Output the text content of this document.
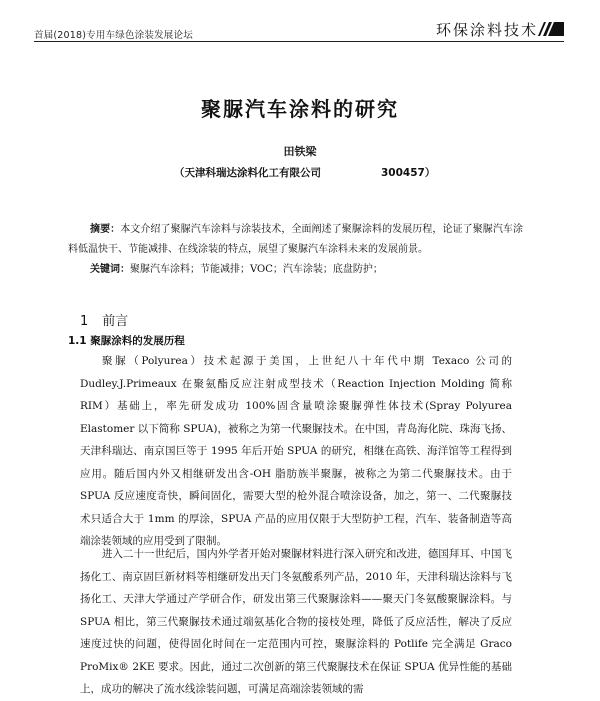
首届(2018)专用车绿色涂装发展论坛	环保涂料技术
聚脲汽车涂料的研究
田铁梁
（天津科瑞达涂料化工有限公司	300457）
摘要：本文介绍了聚脲汽车涂料与涂装技术，全面阐述了聚脲涂料的发展历程，论证了聚脲汽车涂料低温快干、节能减排、在线涂装的特点，展望了聚脲汽车涂料未来的发展前景。
关键词：聚脲汽车涂料；节能减排；VOC；汽车涂装；底盘防护；
1 前言
1.1 聚脲涂料的发展历程
聚脲（Polyurea）技术起源于美国，上世纪八十年代中期 Texaco 公司的 Dudley.J.Primeaux 在聚氨酯反应注射成型技术（Reaction Injection Molding 简称 RIM）基础上，率先研发成功 100%固含量喷涂聚脲弹性体技术(Spray Polyurea Elastomer 以下简称 SPUA)，被称之为第一代聚脲技术。在中国，青岛海化院、珠海飞扬、天津科瑞达、南京国巨等于 1995 年后开始 SPUA 的研究，相继在高铁、海洋馆等工程得到应用。随后国内外又相继研发出含-OH 脂肪族半聚脲，被称之为第二代聚脲技术。由于 SPUA 反应速度奇快，瞬间固化，需要大型的枪外混合喷涂设备，加之，第一、二代聚脲技术只适合大于 1mm 的厚涂，SPUA 产品的应用仅限于大型防护工程，汽车、装备制造等高端涂装领域的应用受到了限制。
进入二十一世纪后，国内外学者开始对聚脲材料进行深入研究和改进，德国拜耳、中国飞扬化工、南京固巨新材料等相继研发出天门冬氨酸系列产品，2010 年，天津科瑞达涂料与飞扬化工、天津大学通过产学研合作，研发出第三代聚脲涂料——聚天门冬氨酸聚脲涂料。与 SPUA 相比，第三代聚脲技术通过端氨基化合物的接枝处理，降低了反应活性，解决了反应速度过快的问题，使得固化时间在一定范围内可控，聚脲涂料的 Potlife 完全满足 Graco ProMix® 2KE 要求。因此，通过二次创新的第三代聚脲技术在保证 SPUA 优异性能的基础上，成功的解决了流水线涂装问题，可满足高端涂装领域的需
